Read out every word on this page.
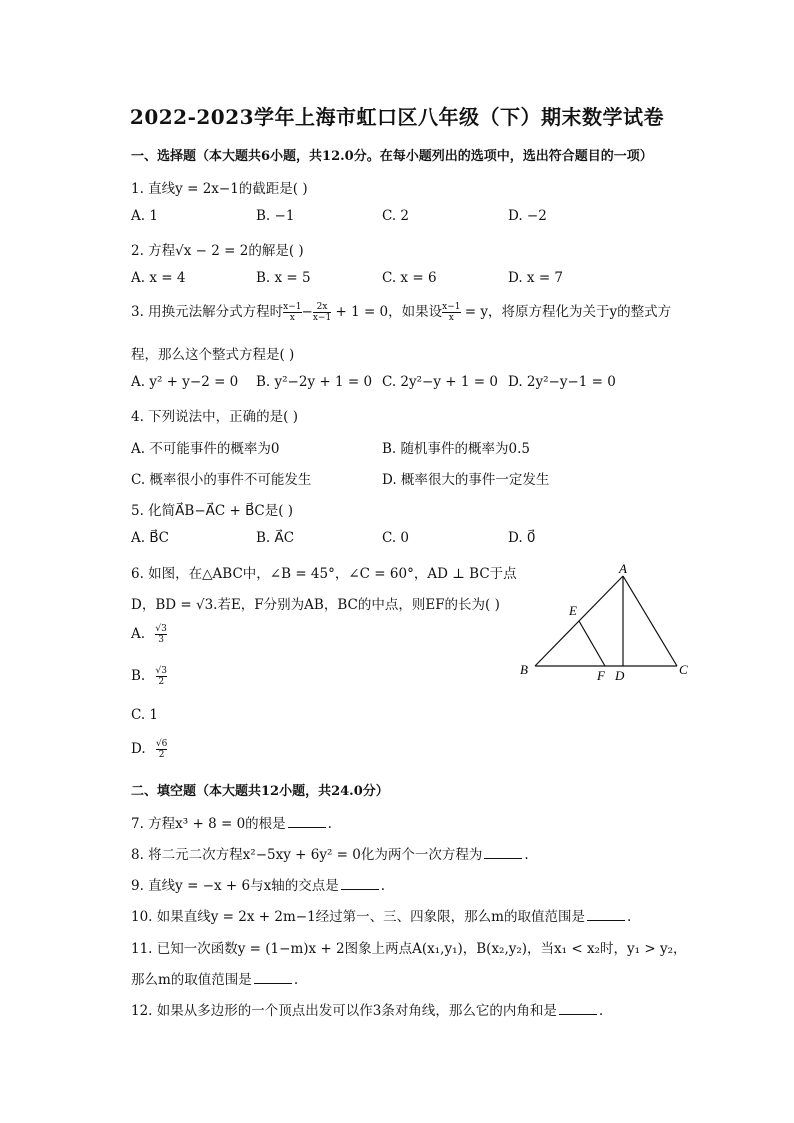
2022-2023学年上海市虹口区八年级（下）期末数学试卷
一、选择题（本大题共6小题，共12.0分。在每小题列出的选项中，选出符合题目的一项）
1. 直线y = 2x−1的截距是( )
A. 1	B. −1	C. 2	D. −2
2. 方程√x − 2 = 2的解是( )
A. x = 4	B. x = 5	C. x = 6	D. x = 7
3. 用换元法解分式方程时 $\frac{x-1}{x} - \frac{2x}{x-1} + 1 = 0$，如果设 $\frac{x-1}{x} = y$，将原方程化为关于y的整式方
程，那么这个整式方程是( )
A. y² + y−2 = 0 B. y²−2y + 1 = 0 C. 2y²−y + 1 = 0 D. 2y²−y−1 = 0
4. 下列说法中，正确的是( )
A. 不可能事件的概率为0	B. 随机事件的概率为0.5
C. 概率很小的事件不可能发生	D. 概率很大的事件一定发生
5. 化简A⃗B−A⃗C + B⃗C是( )
A. B⃗C	B. A⃗C	C. 0	D. 0⃗
6. 如图，在△ABC中，∠B = 45°，∠C = 60°，AD ⊥ BC于点
D，BD = √3.若E，F分别为AB，BC的中点，则EF的长为( )
A. $\frac{√3}{3}$
B. $\frac{√3}{2}$
C. 1
D. $\frac{√6}{2}$
A
B	C
D
E
F
二、填空题（本大题共12小题，共24.0分）
7. 方程x³ + 8 = 0的根是	.
8. 将二元二次方程x²−5xy + 6y² = 0化为两个一次方程为	.
9. 直线y = −x + 6与x轴的交点是	.
10. 如果直线y = 2x + 2m−1经过第一、三、四象限，那么m的取值范围是	.
11. 已知一次函数y = (1−m)x + 2图象上两点A(x₁,y₁)，B(x₂,y₂)，当x₁ < x₂时，y₁ > y₂，
那么m的取值范围是	.
12. 如果从多边形的一个顶点出发可以作3条对角线，那么它的内角和是	.
